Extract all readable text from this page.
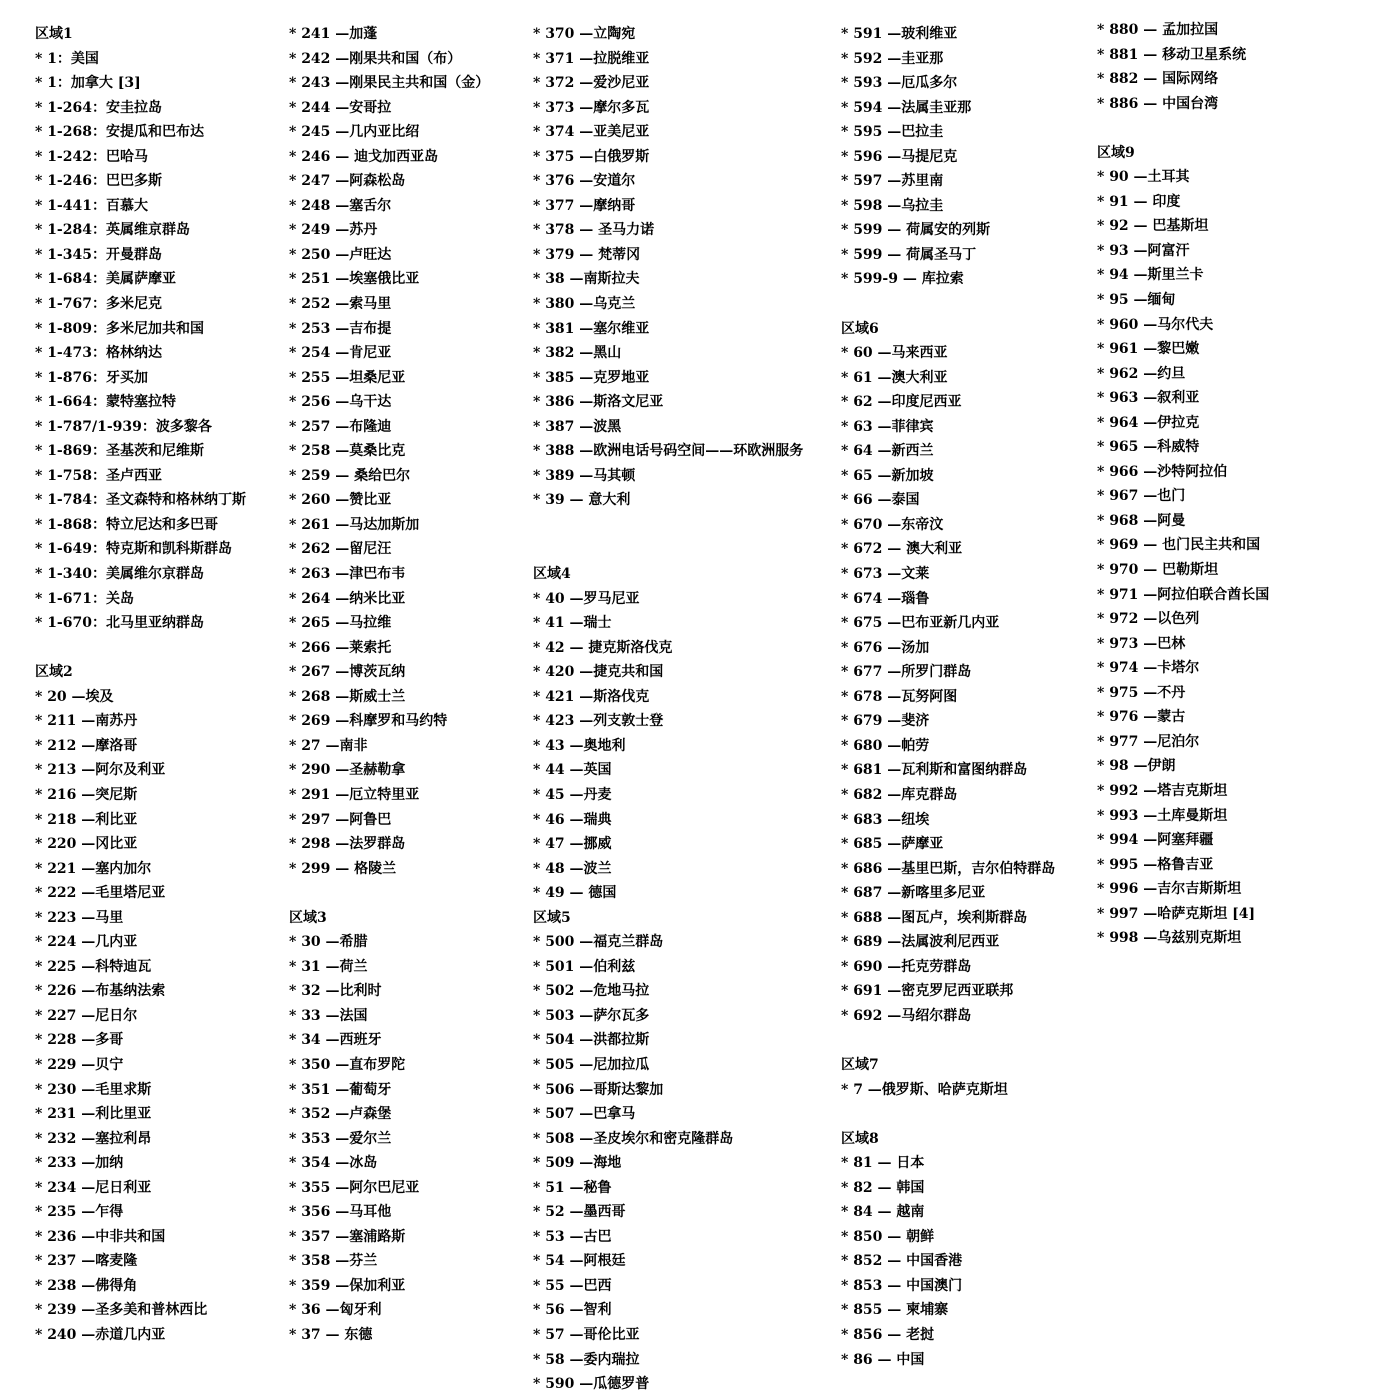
区域1
* 1：美国
* 1：加拿大 [3]
* 1-264：安圭拉岛
* 1-268：安提瓜和巴布达
* 1-242：巴哈马
* 1-246：巴巴多斯
* 1-441：百慕大
* 1-284：英属维京群岛
* 1-345：开曼群岛
* 1-684：美属萨摩亚
* 1-767：多米尼克
* 1-809：多米尼加共和国
* 1-473：格林纳达
* 1-876：牙买加
* 1-664：蒙特塞拉特
* 1-787/1-939：波多黎各
* 1-869：圣基茨和尼维斯
* 1-758：圣卢西亚
* 1-784：圣文森特和格林纳丁斯
* 1-868：特立尼达和多巴哥
* 1-649：特克斯和凯科斯群岛
* 1-340：美属维尔京群岛
* 1-671：关岛
* 1-670：北马里亚纳群岛
区域2
* 20 —埃及
* 211 —南苏丹
* 212 —摩洛哥
* 213 —阿尔及利亚
* 216 —突尼斯
* 218 —利比亚
* 220 —冈比亚
* 221 —塞内加尔
* 222 —毛里塔尼亚
* 223 —马里
* 224 —几内亚
* 225 —科特迪瓦
* 226 —布基纳法索
* 227 —尼日尔
* 228 —多哥
* 229 —贝宁
* 230 —毛里求斯
* 231 —利比里亚
* 232 —塞拉利昂
* 233 —加纳
* 234 —尼日利亚
* 235 —乍得
* 236 —中非共和国
* 237 —喀麦隆
* 238 —佛得角
* 239 —圣多美和普林西比
* 240 —赤道几内亚
* 241 —加蓬
* 242 —刚果共和国（布）
* 243 —刚果民主共和国（金）
* 244 —安哥拉
* 245 —几内亚比绍
* 246 — 迪戈加西亚岛
* 247 —阿森松岛
* 248 —塞舌尔
* 249 —苏丹
* 250 —卢旺达
* 251 —埃塞俄比亚
* 252 —索马里
* 253 —吉布提
* 254 —肯尼亚
* 255 —坦桑尼亚
* 256 —乌干达
* 257 —布隆迪
* 258 —莫桑比克
* 259 — 桑给巴尔
* 260 —赞比亚
* 261 —马达加斯加
* 262 —留尼汪
* 263 —津巴布韦
* 264 —纳米比亚
* 265 —马拉维
* 266 —莱索托
* 267 —博茨瓦纳
* 268 —斯威士兰
* 269 —科摩罗和马约特
* 27 —南非
* 290 —圣赫勒拿
* 291 —厄立特里亚
* 297 —阿鲁巴
* 298 —法罗群岛
* 299 — 格陵兰
区域3
* 30 —希腊
* 31 —荷兰
* 32 —比利时
* 33 —法国
* 34 —西班牙
* 350 —直布罗陀
* 351 —葡萄牙
* 352 —卢森堡
* 353 —爱尔兰
* 354 —冰岛
* 355 —阿尔巴尼亚
* 356 —马耳他
* 357 —塞浦路斯
* 358 —芬兰
* 359 —保加利亚
* 36 —匈牙利
* 37 — 东德
* 370 —立陶宛
* 371 —拉脱维亚
* 372 —爱沙尼亚
* 373 —摩尔多瓦
* 374 —亚美尼亚
* 375 —白俄罗斯
* 376 —安道尔
* 377 —摩纳哥
* 378 — 圣马力诺
* 379 — 梵蒂冈
* 38 —南斯拉夫
* 380 —乌克兰
* 381 —塞尔维亚
* 382 —黑山
* 385 —克罗地亚
* 386 —斯洛文尼亚
* 387 —波黑
* 388 —欧洲电话号码空间——环欧洲服务
* 389 —马其顿
* 39 — 意大利
区域4
* 40 —罗马尼亚
* 41 —瑞士
* 42 — 捷克斯洛伐克
* 420 —捷克共和国
* 421 —斯洛伐克
* 423 —列支敦士登
* 43 —奥地利
* 44 —英国
* 45 —丹麦
* 46 —瑞典
* 47 —挪威
* 48 —波兰
* 49 — 德国
区域5
* 500 —福克兰群岛
* 501 —伯利兹
* 502 —危地马拉
* 503 —萨尔瓦多
* 504 —洪都拉斯
* 505 —尼加拉瓜
* 506 —哥斯达黎加
* 507 —巴拿马
* 508 —圣皮埃尔和密克隆群岛
* 509 —海地
* 51 —秘鲁
* 52 —墨西哥
* 53 —古巴
* 54 —阿根廷
* 55 —巴西
* 56 —智利
* 57 —哥伦比亚
* 58 —委内瑞拉
* 590 —瓜德罗普
* 591 —玻利维亚
* 592 —圭亚那
* 593 —厄瓜多尔
* 594 —法属圭亚那
* 595 —巴拉圭
* 596 —马提尼克
* 597 —苏里南
* 598 —乌拉圭
* 599 — 荷属安的列斯
* 599 — 荷属圣马丁
* 599-9 — 库拉索
区域6
* 60 —马来西亚
* 61 —澳大利亚
* 62 —印度尼西亚
* 63 —菲律宾
* 64 —新西兰
* 65 —新加坡
* 66 —泰国
* 670 —东帝汶
* 672 — 澳大利亚
* 673 —文莱
* 674 —瑙鲁
* 675 —巴布亚新几内亚
* 676 —汤加
* 677 —所罗门群岛
* 678 —瓦努阿图
* 679 —斐济
* 680 —帕劳
* 681 —瓦利斯和富图纳群岛
* 682 —库克群岛
* 683 —纽埃
* 685 —萨摩亚
* 686 —基里巴斯，吉尔伯特群岛
* 687 —新喀里多尼亚
* 688 —图瓦卢，埃利斯群岛
* 689 —法属波利尼西亚
* 690 —托克劳群岛
* 691 —密克罗尼西亚联邦
* 692 —马绍尔群岛
区域7
* 7 —俄罗斯、哈萨克斯坦
区域8
* 81 — 日本
* 82 — 韩国
* 84 — 越南
* 850 — 朝鲜
* 852 — 中国香港
* 853 — 中国澳门
* 855 — 柬埔寨
* 856 — 老挝
* 86 — 中国
* 880 — 孟加拉国
* 881 — 移动卫星系统
* 882 — 国际网络
* 886 — 中国台湾
区域9
* 90 —土耳其
* 91 — 印度
* 92 — 巴基斯坦
* 93 —阿富汗
* 94 —斯里兰卡
* 95 —缅甸
* 960 —马尔代夫
* 961 —黎巴嫩
* 962 —约旦
* 963 —叙利亚
* 964 —伊拉克
* 965 —科威特
* 966 —沙特阿拉伯
* 967 —也门
* 968 —阿曼
* 969 — 也门民主共和国
* 970 — 巴勒斯坦
* 971 —阿拉伯联合酋长国
* 972 —以色列
* 973 —巴林
* 974 —卡塔尔
* 975 —不丹
* 976 —蒙古
* 977 —尼泊尔
* 98 —伊朗
* 992 —塔吉克斯坦
* 993 —土库曼斯坦
* 994 —阿塞拜疆
* 995 —格鲁吉亚
* 996 —吉尔吉斯斯坦
* 997 —哈萨克斯坦 [4]
* 998 —乌兹别克斯坦
